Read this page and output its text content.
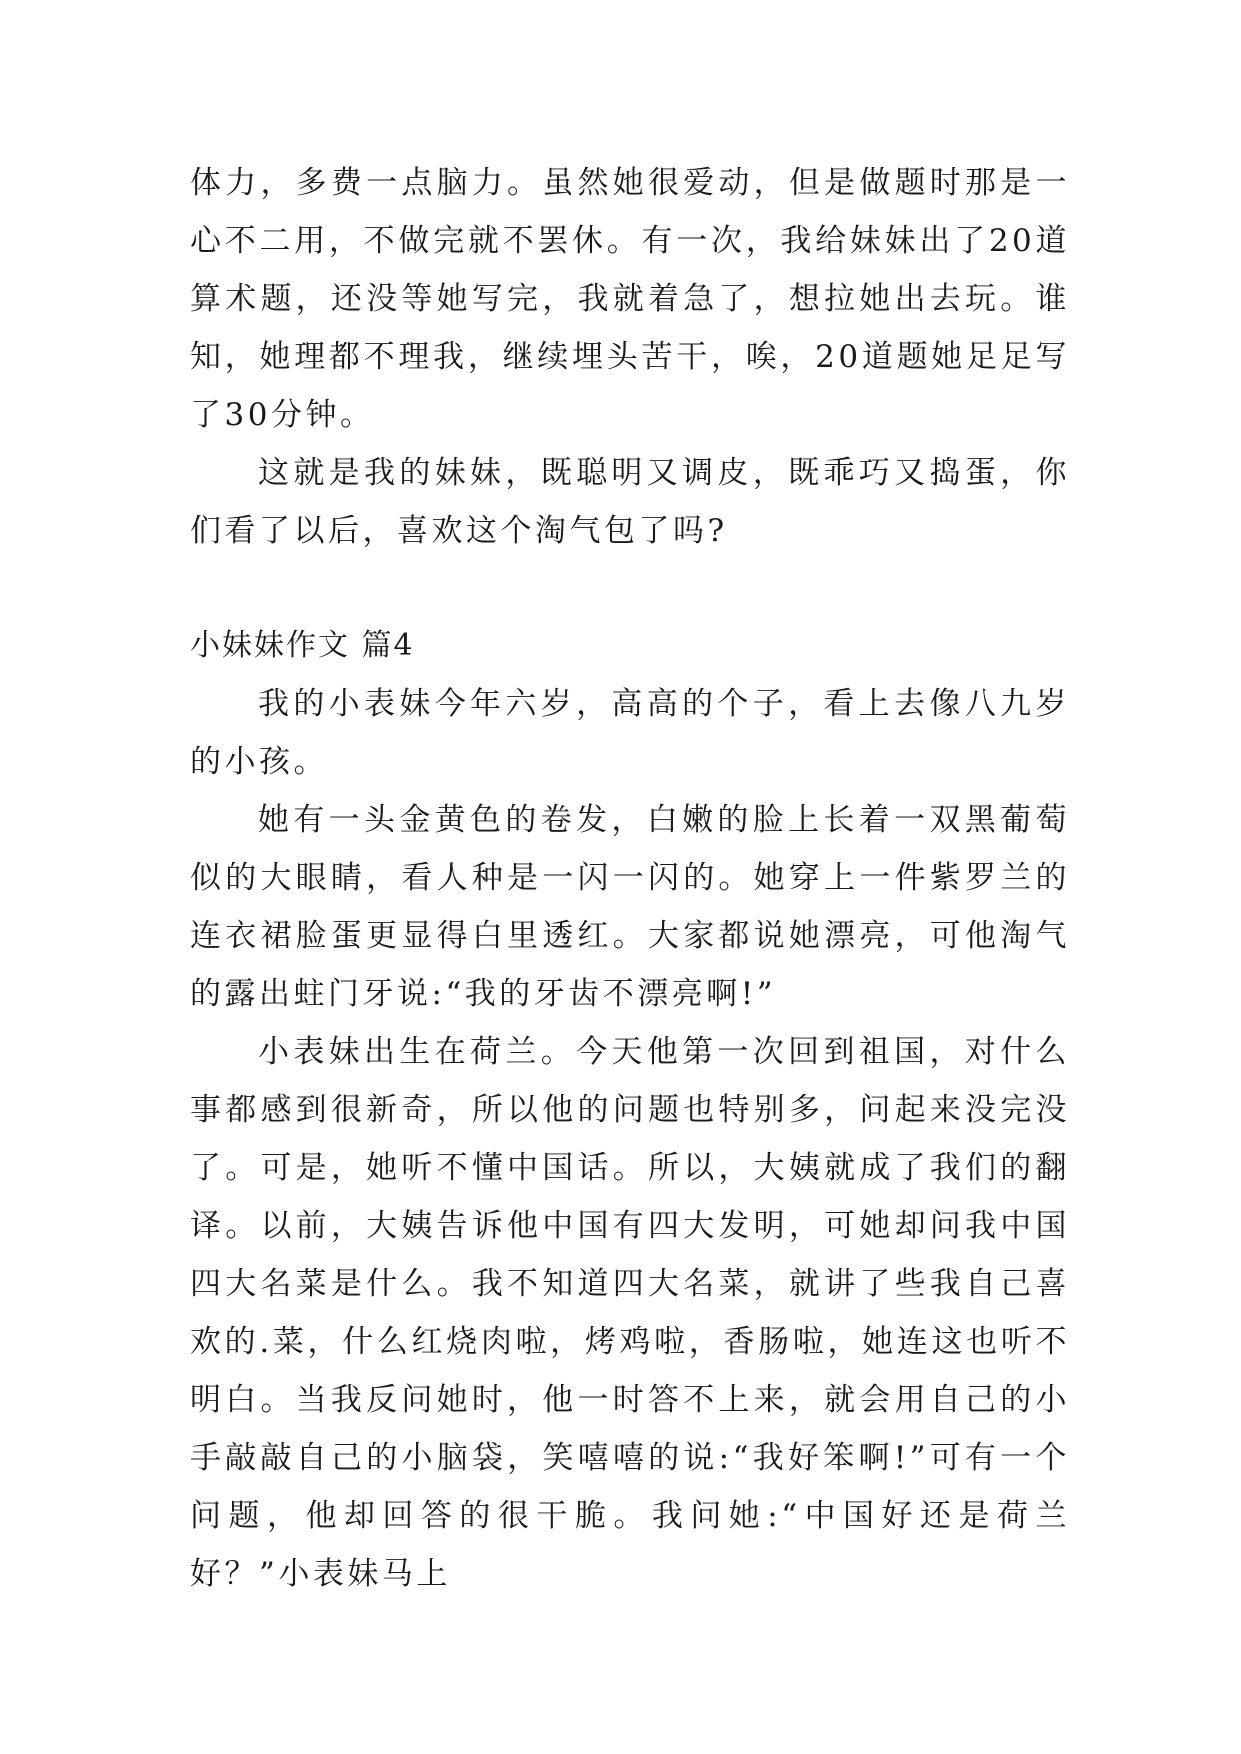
体力，多费一点脑力。虽然她很爱动，但是做题时那是一心不二用，不做完就不罢休。有一次，我给妹妹出了20道算术题，还没等她写完，我就着急了，想拉她出去玩。谁知，她理都不理我，继续埋头苦干，唉，20道题她足足写了30分钟。

这就是我的妹妹，既聪明又调皮，既乖巧又捣蛋，你们看了以后，喜欢这个淘气包了吗?

小妹妹作文 篇4

我的小表妹今年六岁，高高的个子，看上去像八九岁的小孩。

她有一头金黄色的卷发，白嫩的脸上长着一双黑葡萄似的大眼睛，看人种是一闪一闪的。她穿上一件紫罗兰的连衣裙脸蛋更显得白里透红。大家都说她漂亮，可他淘气的露出蛀门牙说:“我的牙齿不漂亮啊!”

小表妹出生在荷兰。今天他第一次回到祖国，对什么事都感到很新奇，所以他的问题也特别多，问起来没完没了。可是，她听不懂中国话。所以，大姨就成了我们的翻译。以前，大姨告诉他中国有四大发明，可她却问我中国四大名菜是什么。我不知道四大名菜，就讲了些我自己喜欢的.菜，什么红烧肉啦，烤鸡啦，香肠啦，她连这也听不明白。当我反问她时，他一时答不上来，就会用自己的小手敲敲自己的小脑袋，笑嘻嘻的说:“我好笨啊!”可有一个问题，他却回答的很干脆。我问她:“中国好还是荷兰好？”小表妹马上
